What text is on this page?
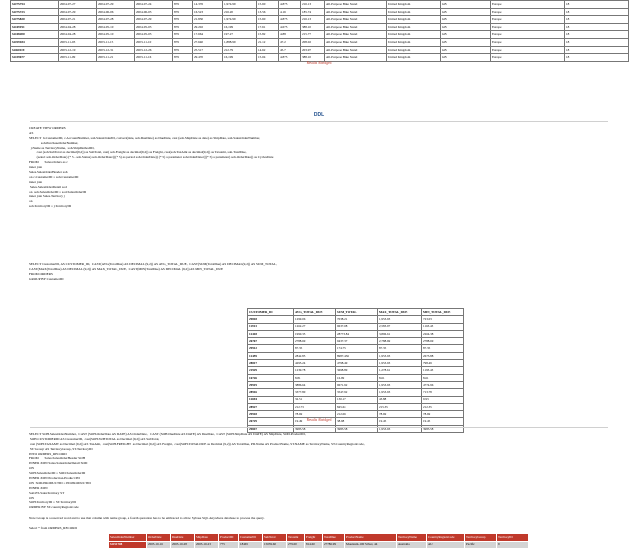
SO75754	2004-07-27	2004-07-29	2004-07-24	879	14.376	1,974.99	15.60	4.875	216.13	All-Purpose Bike Stand	United Kingdom	GB	Europe	18
SO75723	2004-07-29	2004-06-06	2004-06-03	879	16.523	216.20	13.56	4.16	185.74	All-Purpose Bike Stand	United Kingdom	GB	Europe	18
SO75820	2004-07-21	2004-07-28	2004-07-29	879	21.830	1,974.99	15.60	4.875	216.13	All-Purpose Bike Stand	United Kingdom	GB	Europe	18
SO49191	2004-04-28	2004-05-10	2004-05-03	879	29.202	16,199	17.61	4.675	388.10	All-Purpose Bike Stand	United Kingdom	GB	Europe	18
SO48200	2004-04-28	2004-05-10	2004-05-03	879	17.664	197.27	15.82	4.88	215.77	All-Purpose Bike Stand	United Kingdom	GB	Europe	18
SO59184	2003-11-03	2003-11-15	2003-11-10	879	27.640	1,888.99	21.12	47.2	208.02	All-Purpose Bike Stand	United Kingdom	GB	Europe	18
SO60119	2003-12-19	2003-12-31	2003-12-26	879	25.517	212.79	14.62	45.7	203.97	All-Purpose Bike Stand	United Kingdom	GB	Europe	18
SO39677	2003-11-09	2003-11-21	2003-11-16	879	29.470	16,199	15.04	4.875	388.10	All-Purpose Bike Stand	United Kingdom	GB	Europe	18
Results Abridged
DDL
CREATE VIEW ORDERS
AS
SELECT  h.CustomerID, c.AccountNumber, soh.SalesOrderID, convert(date, soh.DueDate) as DueDate, cast (soh.ShipDate as date) as ShipDate, soh.SalesOrderNumber,
soh.PurchaseOrderNumber,
j.Name as TerritoryName,  soh.ShipMethodID,
cast (soh.SubTotal as decimal(9,2)) as SubTotal, cast( soh.Freight as decimal(9,2)) as Freight, cast(soh.TaxAmt as decimal(9,2)) as TaxAmt, soh.TotalDue,
(select soh.OrderDate) (* 5 - soh.Status) soh.OrderDate/(((* 5) as period soh.OrderDate)) (* 5) a parameter soh.OrderDate/(((* 5) a parameter) soh.OrderDate)) as CyclesDate
FROM       Sales.Orders as c
inner join
Sales.SalesOrderHeader soh
on c.CustomerID = soh.CustomerID
inner join
Sales.SalesOrderDetail sod
on  soh.SalesOrderID = sod.SalesOrderID
inner join Sales.Territory j
on
soh.TerritoryID = j.TerritoryID
SELECT CustomerID, AS CUSTOMER_ID,  CAST(AVG(TotalDue) AS DECIMAL (9,2)) AS AVG_TOTAL_DUE,  CAST(SUM(TotalDue) AS DECIMAL(9,2)) AS SUM_TOTAL,
CAST(MAX(TotalDue) AS DECIMAL (9,2)) AS MAX_TOTAL_DUE,  CAST(MIN(TotalDue) AS DECIMAL (9,2)) AS MIN_TOTAL_DUE
FROM ORDERS
GROUP BY CustomerID
CUSTOMER_ID	AVG_TOTAL_DUE	SUM_TOTAL	MAX_TOTAL_DUE	MIN_TOTAL_DUE
29818	1299.06	7038.21	1,953.93	723.03
11913	1262.27	9637.08	2,583.97	1163.43
12418	1990.35	28773.84	3,896.61	2264.38
26767	2788.69	9437.37	2,788.69	2788.69
29912	87.35	174.75	87.35	87.35
12459	2842.85	8987.436	1,953.93	2673.88
28817	4295.24	4798.49	1,953.93	798.49
21929	1239.78	3698.89	1,278.61	1193.43
16726	8.81	16.99	8.61	8.61
29919	3886.64	9671.92	1,953.93	4774.96
28916	3377.80	3547.92	1,953.93	713.78
12694	32.51	130.17	43.88	9.93
28927	212.73	845.61	215.35	212.35
29918	78.69	212.06	78.69	78.69
26729	19.49	38.98	19.45	19.45
29847	3983.58	3983.58	1,953.93	3983.58
Results Abridged
SELECT SOH.SalesOrderNumber,  CAST (SOH.OrderDate AS DATE) AS OrderDate,   CAST (SOH.DueDate AS DATE) AS DueDate,  CAST (SOH.ShipDate AS DATE) AS ShipDate, SOD.ProductID,
SOH.CUSTOMERID AS CustomerID,  cast(SOH.SUBTOTAL as Decimal (9,2)) AS SubTotal,
cast (SOH.TAXAMT as Decimal (9,2)) AS TaxAmt,  cast(SOH.FREIGHT  as Decimal (9,2)) AS Freight,  cast(SOH.TOTALDUE as Decimal (9,2)) AS TotalDue, PD.Name AS ProductName, ST.NAME as TerritoryName, ST.CountryRegionCode,
ST.'Group' AS TerritoryGroup, ST.TerritoryID
INTO ORDERS_RECORD
FROM       Sales.SalesOrderHeader SOH
INNER JOIN Sales.SalesOrderDetail SOD
ON
SOH.SalesOrderID = SOD.SalesOrderID
INNER JOIN Production.Product PD
ON  SOD.PRODUCTID = PD.PRODUCTID
INNER JOIN
SALES.SalesTerritory ST
ON
SOH.TerritoryID = ST.TerritoryID
ORDER BY ST.countryRegionCode
Note Group is a reserved word and to use that column with name group, a fourth quotation has to be embraced to allow Sybase SQL Anywhere database to process the query.
Select * from ORDERS_RECORD
SalesOrderNumber	OrderDate	DueDate	ShipDate	ProductID	CustomerID	SubTotal	TaxAmt	Freight	TotalDue	ProductName	TerritoryName	CountryRegionCode	TerritoryGroup	TerritoryID
SO51708	2003-10-16	2003-10-28	2003-10-23	775	18465	15039.60	279.00	814.60	27786.99	Mountain-100 Silver, 44	Australia	AU	Pacific	9
